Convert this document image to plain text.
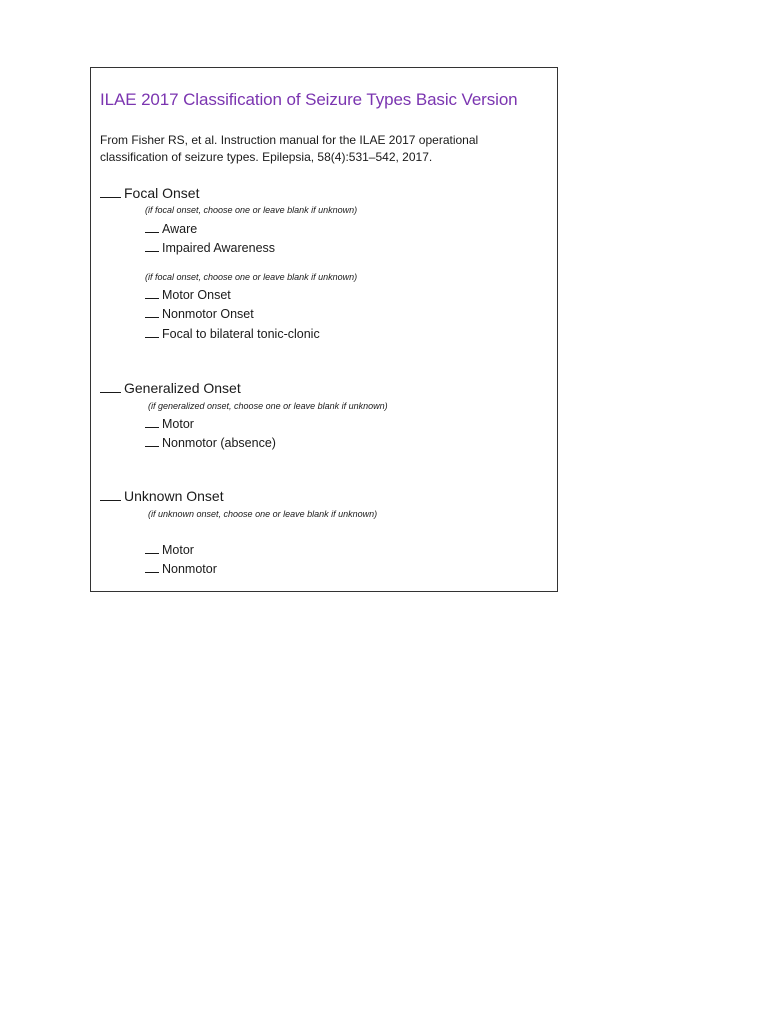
ILAE 2017 Classification of Seizure Types Basic Version
From Fisher RS, et al. Instruction manual for the ILAE 2017 operational classification of seizure types. Epilepsia, 58(4):531–542, 2017.
Focal Onset
(if focal onset, choose one or leave blank if unknown)
Aware
Impaired Awareness
(if focal onset, choose one or leave blank if unknown)
Motor Onset
Nonmotor Onset
Focal to bilateral tonic-clonic
Generalized Onset
(if generalized onset, choose one or leave blank if unknown)
Motor
Nonmotor (absence)
Unknown Onset
(if unknown onset, choose one or leave blank if unknown)
Motor
Nonmotor
